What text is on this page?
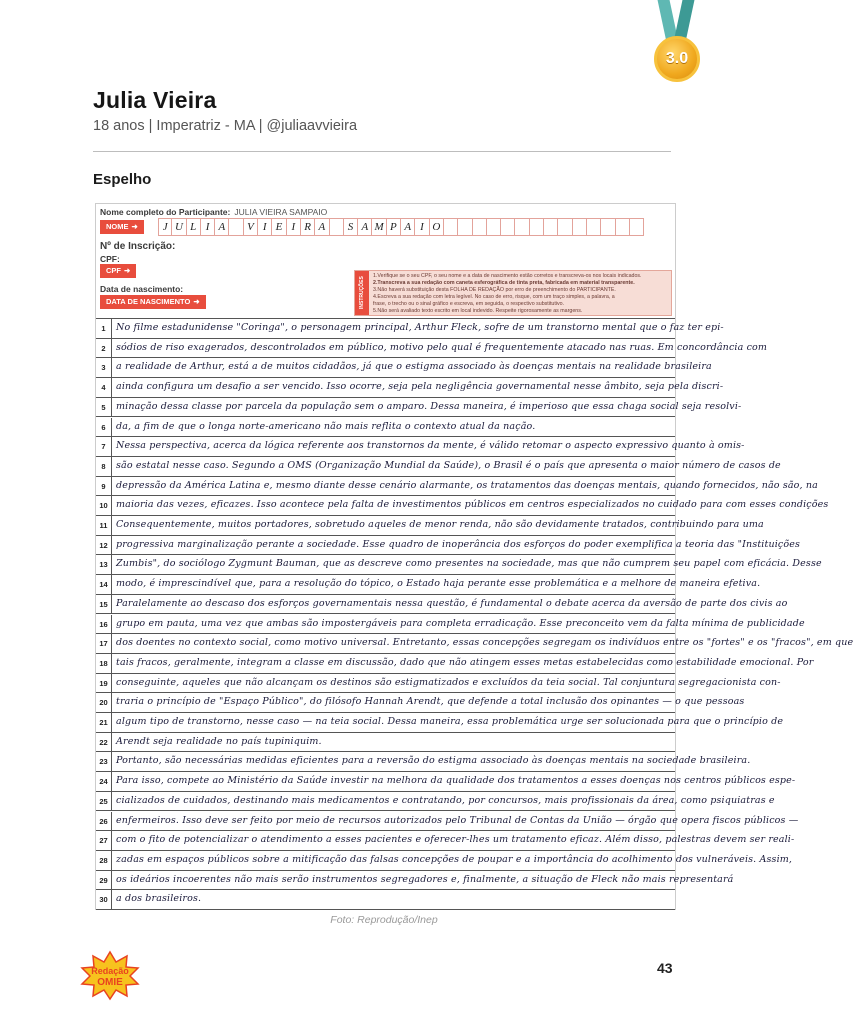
3.0
Julia Vieira
18 anos | Imperatriz - MA | @juliaavvieira
Espelho
Nome completo do Participante: JULIA VIEIRA SAMPAIO
NOME ➜	J U L I A	V I E I R A	S A M P A I O
Nº de Inscrição:
CPF:
CPF ➜
Data de nascimento:
DATA DE NASCIMENTO ➜	INSTRUÇÕES
1.Verifique se o seu CPF, o seu nome e a data de nascimento estão corretos e transcreva-os nos locais indicados.
2.Transcreva a sua redação com caneta esferográfica de tinta preta, fabricada em material transparente.
3.Não haverá substituição desta FOLHA DE REDAÇÃO por erro de preenchimento do PARTICIPANTE.
4.Escreva a sua redação com letra legível. No caso de erro, risque, com um traço simples, a palavra, a
frase, o trecho ou o sinal gráfico e escreva, em seguida, o respectivo substitutivo.
5.Não será avaliado texto escrito em local indevido. Respeite rigorosamente as margens.
1	No filme estadunidense "Coringa", o personagem principal, Arthur Fleck, sofre de um transtorno mental que o faz ter epi-
2	sódios de riso exagerados, descontrolados em público, motivo pelo qual é frequentemente atacado nas ruas. Em concordância com
3	a realidade de Arthur, está a de muitos cidadãos, já que o estigma associado às doenças mentais na realidade brasileira
4	ainda configura um desafio a ser vencido. Isso ocorre, seja pela negligência governamental nesse âmbito, seja pela discri-
5	minação dessa classe por parcela da população sem o amparo. Dessa maneira, é imperioso que essa chaga social seja resolvi-
6	da, a fim de que o longa norte-americano não mais reflita o contexto atual da nação.
7	Nessa perspectiva, acerca da lógica referente aos transtornos da mente, é válido retomar o aspecto expressivo quanto à omis-
8	são estatal nesse caso. Segundo a OMS (Organização Mundial da Saúde), o Brasil é o país que apresenta o maior número de casos de
9	depressão da América Latina e, mesmo diante desse cenário alarmante, os tratamentos das doenças mentais, quando fornecidos, não são, na
10 maioria das vezes, eficazes. Isso acontece pela falta de investimentos públicos em centros especializados no cuidado para com esses condições
11 Consequentemente, muitos portadores, sobretudo aqueles de menor renda, não são devidamente tratados, contribuindo para uma
12 progressiva marginalização perante a sociedade. Esse quadro de inoperância dos esforços do poder exemplifica a teoria das "Instituições
13 Zumbis", do sociólogo Zygmunt Bauman, que as descreve como presentes na sociedade, mas que não cumprem seu papel com eficácia. Desse
14 modo, é imprescindível que, para a resolução do tópico, o Estado haja perante esse problemática e a melhore de maneira efetiva.
15 Paralelamente ao descaso dos esforços governamentais nessa questão, é fundamental o debate acerca da aversão de parte dos civis ao
16 grupo em pauta, uma vez que ambas são impostergáveis para completa erradicação. Esse preconceito vem da falta mínima de publicidade
17 dos doentes no contexto social, como motivo universal. Entretanto, essas concepções segregam os indivíduos entre os "fortes" e os "fracos", em que
18 tais fracos, geralmente, integram a classe em discussão, dado que não atingem esses metas estabelecidas como estabilidade emocional. Por
19 conseguinte, aqueles que não alcançam os destinos são estigmatizados e excluídos da teia social. Tal conjuntura segregacionista con-
20 traria o princípio de "Espaço Público", do filósofo Hannah Arendt, que defende a total inclusão dos opinantes — o que pessoas
21 algum tipo de transtorno, nesse caso — na teia social. Dessa maneira, essa problemática urge ser solucionada para que o princípio de
22 Arendt seja realidade no país tupiniquim.
23 Portanto, são necessárias medidas eficientes para a reversão do estigma associado às doenças mentais na sociedade brasileira.
24 Para isso, compete ao Ministério da Saúde investir na melhora da qualidade dos tratamentos a esses doenças nos centros públicos espe-
25 cializados de cuidados, destinando mais medicamentos e contratando, por concursos, mais profissionais da área, como psiquiatras e
26 enfermeiros. Isso deve ser feito por meio de recursos autorizados pelo Tribunal de Contas da União — órgão que opera fiscos públicos —
27 com o fito de potencializar o atendimento a esses pacientes e oferecer-lhes um tratamento eficaz. Além disso, palestras devem ser reali-
28 zadas em espaços públicos sobre a mitificação das falsas concepções de poupar e a importância do acolhimento dos vulneráveis. Assim,
29 os ideários incoerentes não mais serão instrumentos segregadores e, finalmente, a situação de Fleck não mais representará
30 a dos brasileiros.
Foto: Reprodução/Inep
Redação
OMIE
43
